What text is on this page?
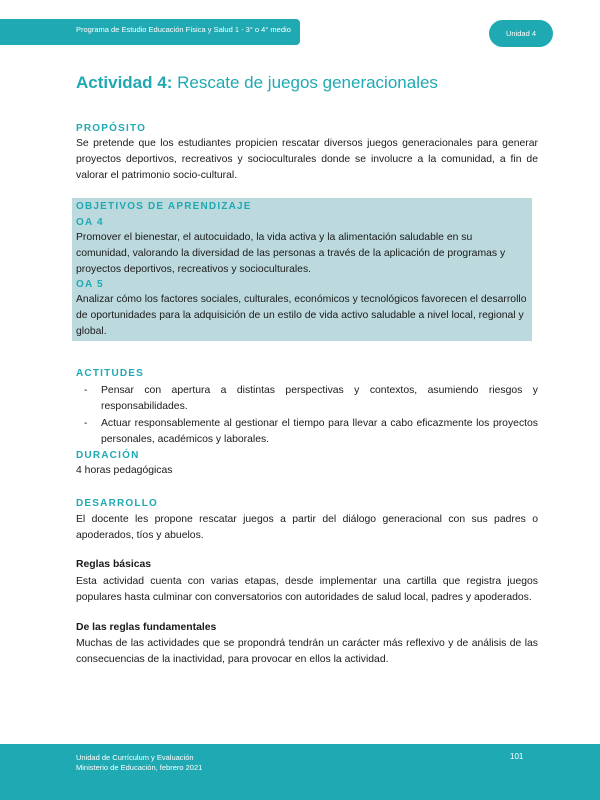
Programa de Estudio Educación Física y Salud 1 - 3° o 4° medio	Unidad 4
Actividad 4: Rescate de juegos generacionales
PROPÓSITO
Se pretende que los estudiantes propicien rescatar diversos juegos generacionales para generar proyectos deportivos, recreativos y socioculturales donde se involucre a la comunidad, a fin de valorar el patrimonio socio-cultural.
OBJETIVOS DE APRENDIZAJE
OA 4
Promover el bienestar, el autocuidado, la vida activa y la alimentación saludable en su comunidad, valorando la diversidad de las personas a través de la aplicación de programas y proyectos deportivos, recreativos y socioculturales.
OA 5
Analizar cómo los factores sociales, culturales, económicos y tecnológicos favorecen el desarrollo de oportunidades para la adquisición de un estilo de vida activo saludable a nivel local, regional y global.
ACTITUDES
- Pensar con apertura a distintas perspectivas y contextos, asumiendo riesgos y responsabilidades.
- Actuar responsablemente al gestionar el tiempo para llevar a cabo eficazmente los proyectos personales, académicos y laborales.
DURACIÓN
4 horas pedagógicas
DESARROLLO
El docente les propone rescatar juegos a partir del diálogo generacional con sus padres o apoderados, tíos y abuelos.
Reglas básicas
Esta actividad cuenta con varias etapas, desde implementar una cartilla que registra juegos populares hasta culminar con conversatorios con autoridades de salud local, padres y apoderados.
De las reglas fundamentales
Muchas de las actividades que se propondrá tendrán un carácter más reflexivo y de análisis de las consecuencias de la inactividad, para provocar en ellos la actividad.
Unidad de Currículum y Evaluación
Ministerio de Educación, febrero 2021
101
